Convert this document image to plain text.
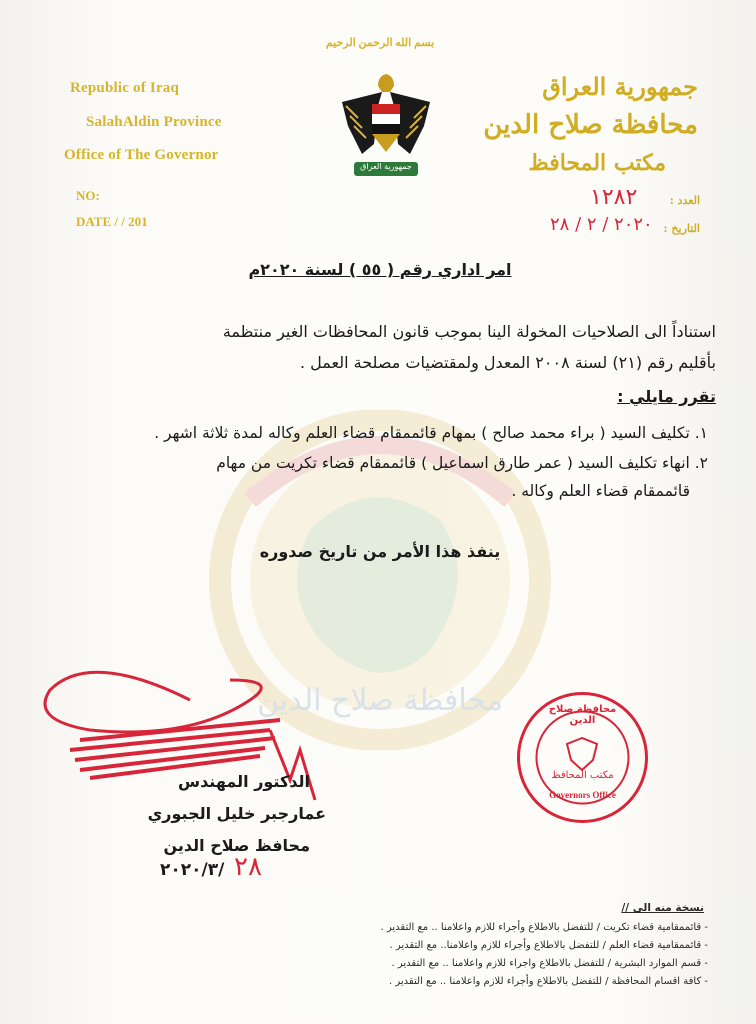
محافظة صلاح الدين
بسم الله الرحمن الرحيم
Republic of Iraq
SalahAldin Province
Office of The Governor
NO:
DATE / / 201
جمهورية العراق
جمهورية العراق
محافظة صلاح الدين
مكتب المحافظ
العدد :
١٢٨٢
التاريخ :
٢٠٢٠ / ٢ / ٢٨
امر اداري رقم ( ٥٥ ) لسنة ٢٠٢٠م
استناداً الى الصلاحيات المخولة الينا بموجب قانون المحافظات الغير منتظمة
بأقليم رقم (٢١) لسنة ٢٠٠٨ المعدل ولمقتضيات مصلحة العمل .
تقرر مايلي :
١. تكليف السيد ( براء محمد صالح ) بمهام قائممقام قضاء العلم وكاله لمدة ثلاثة اشهر .
٢. انهاء تكليف السيد ( عمر طارق اسماعيل ) قائممقام قضاء تكريت من مهام
قائممقام قضاء العلم وكاله .
ينفذ هذا الأمر من تاريخ صدوره
الدكتور المهندس
عمارجبر خليل الجبوري
محافظ صلاح الدين
٢٠٢٠/٣/ ٢٨
محافظة صلاح الدين
مكتب المحافظ
Governors Office
نسخة منه الى //
- قائممقامية قضاء تكريت / للتفضل بالاطلاع وأجراء للازم واعلامنا .. مع التقدير .
- قائممقامية قضاء العلم / للتفضل بالاطلاع وأجراء للازم واعلامنا.. مع التقدير .
- قسم الموارد البشرية / للتفضل بالاطلاع واجراء للازم واعلامنا .. مع التقدير .
- كافة اقسام المحافظة / للتفضل بالاطلاع وأجراء للازم واعلامنا .. مع التقدير .
